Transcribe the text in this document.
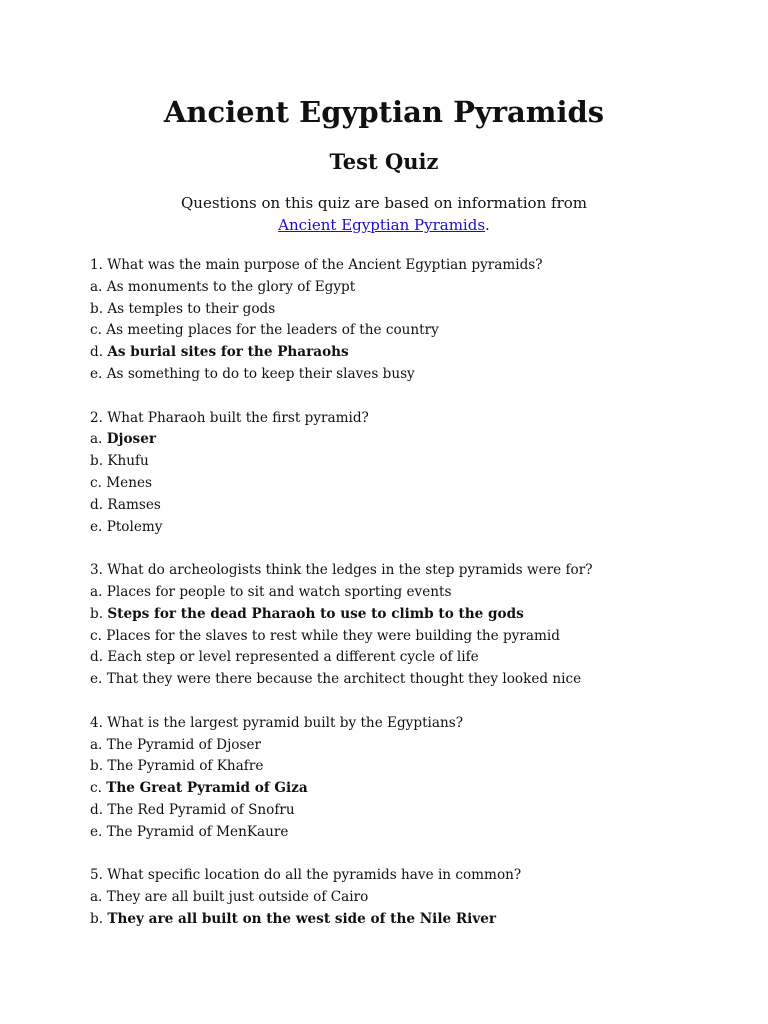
Ancient Egyptian Pyramids
Test Quiz
Questions on this quiz are based on information from
Ancient Egyptian Pyramids.
1. What was the main purpose of the Ancient Egyptian pyramids?
a. As monuments to the glory of Egypt
b. As temples to their gods
c. As meeting places for the leaders of the country
d. As burial sites for the Pharaohs
e. As something to do to keep their slaves busy
2. What Pharaoh built the first pyramid?
a. Djoser
b. Khufu
c. Menes
d. Ramses
e. Ptolemy
3. What do archeologists think the ledges in the step pyramids were for?
a. Places for people to sit and watch sporting events
b. Steps for the dead Pharaoh to use to climb to the gods
c. Places for the slaves to rest while they were building the pyramid
d. Each step or level represented a different cycle of life
e. That they were there because the architect thought they looked nice
4. What is the largest pyramid built by the Egyptians?
a. The Pyramid of Djoser
b. The Pyramid of Khafre
c. The Great Pyramid of Giza
d. The Red Pyramid of Snofru
e. The Pyramid of MenKaure
5. What specific location do all the pyramids have in common?
a. They are all built just outside of Cairo
b. They are all built on the west side of the Nile River
